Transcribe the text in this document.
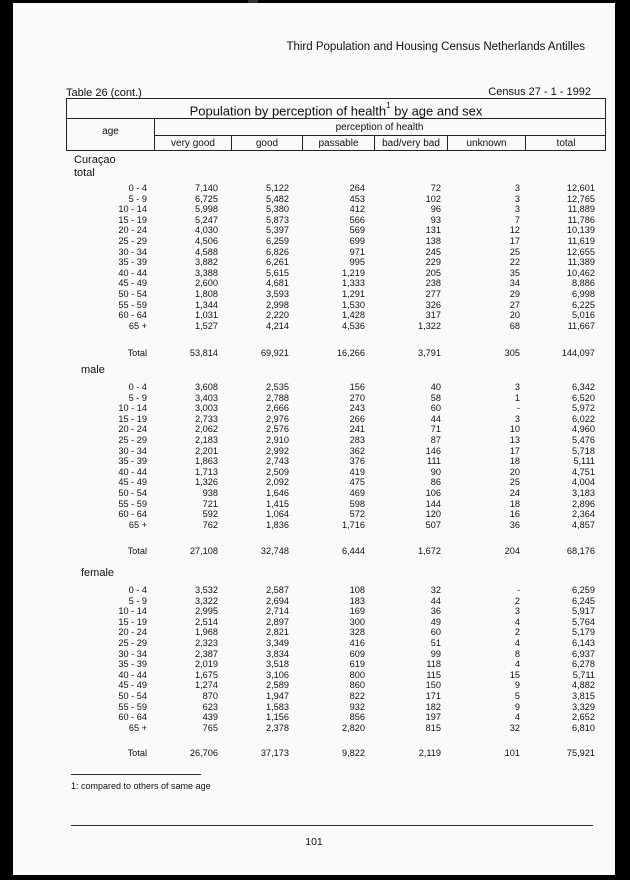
Third Population and Housing Census Netherlands Antilles
Table 26 (cont.)	Census 27 - 1 - 1992
Population by perception of health$^1$ by age and sex
age	perception of health
very good	good	passable	bad/very bad	unknown	total
Curaçao
total
male
female
0 - 4	7,140	5,122	264	72	3	12,601
5 - 9	6,725	5,482	453	102	3	12,765
10 - 14	5,998	5,380	412	96	3	11,889
15 - 19	5,247	5,873	566	93	7	11,786
20 - 24	4,030	5,397	569	131	12	10,139
25 - 29	4,506	6,259	699	138	17	11,619
30 - 34	4,588	6,826	971	245	25	12,655
35 - 39	3,882	6,261	995	229	22	11,389
40 - 44	3,388	5,615	1,219	205	35	10,462
45 - 49	2,600	4,681	1,333	238	34	8,886
50 - 54	1,808	3,593	1,291	277	29	6,998
55 - 59	1,344	2,998	1,530	326	27	6,225
60 - 64	1,031	2,220	1,428	317	20	5,016
65 +	1,527	4,214	4,536	1,322	68	11,667
Total	53,814	69,921	16,266	3,791	305	144,097
0 - 4	3,608	2,535	156	40	3	6,342
5 - 9	3,403	2,788	270	58	1	6,520
10 - 14	3,003	2,666	243	60	-	5,972
15 - 19	2,733	2,976	266	44	3	6,022
20 - 24	2,062	2,576	241	71	10	4,960
25 - 29	2,183	2,910	283	87	13	5,476
30 - 34	2,201	2,992	362	146	17	5,718
35 - 39	1,863	2,743	376	111	18	5,111
40 - 44	1,713	2,509	419	90	20	4,751
45 - 49	1,326	2,092	475	86	25	4,004
50 - 54	938	1,646	469	106	24	3,183
55 - 59	721	1,415	598	144	18	2,896
60 - 64	592	1,064	572	120	16	2,364
65 +	762	1,836	1,716	507	36	4,857
Total	27,108	32,748	6,444	1,672	204	68,176
0 - 4	3,532	2,587	108	32	-	6,259
5 - 9	3,322	2,694	183	44	2	6,245
10 - 14	2,995	2,714	169	36	3	5,917
15 - 19	2,514	2,897	300	49	4	5,764
20 - 24	1,968	2,821	328	60	2	5,179
25 - 29	2,323	3,349	416	51	4	6,143
30 - 34	2,387	3,834	609	99	8	6,937
35 - 39	2,019	3,518	619	118	4	6,278
40 - 44	1,675	3,106	800	115	15	5,711
45 - 49	1,274	2,589	860	150	9	4,882
50 - 54	870	1,947	822	171	5	3,815
55 - 59	623	1,583	932	182	9	3,329
60 - 64	439	1,156	856	197	4	2,652
65 +	765	2,378	2,820	815	32	6,810
Total	26,706	37,173	9,822	2,119	101	75,921
1: compared to others of same age
101
